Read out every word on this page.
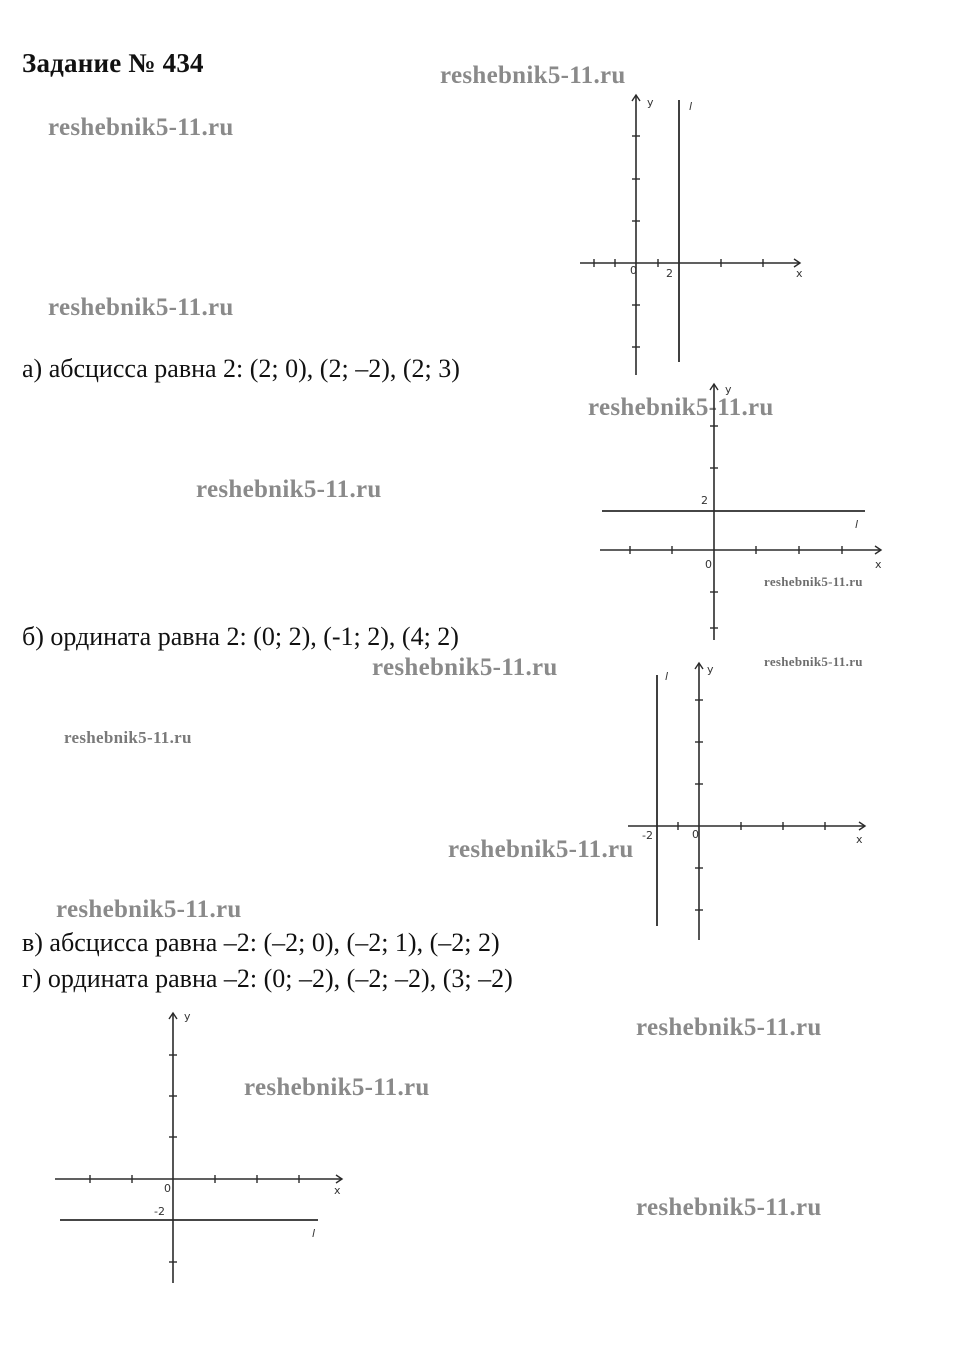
Задание № 434	reshebnik5-11.ru
reshebnik5-11.ru
reshebnik5-11.ru
reshebnik5-11.ru
reshebnik5-11.ru
reshebnik5-11.ru
reshebnik5-11.ru	reshebnik5-11.ru
reshebnik5-11.ru
reshebnik5-11.ru
reshebnik5-11.ru
reshebnik5-11.ru
reshebnik5-11.ru
reshebnik5-11.ru
а) абсцисса равна 2: (2; 0), (2; –2), (2; 3)
б) ордината равна 2: (0; 2), (-1; 2), (4; 2)
в) абсцисса равна –2: (–2; 0), (–2; 1), (–2; 2)
г) ордината равна –2: (0; –2), (–2; –2), (3; –2)
x
y
0	2
l
x
y
0
2
l
x
y
0
-2
l
x
y
0
-2
l
